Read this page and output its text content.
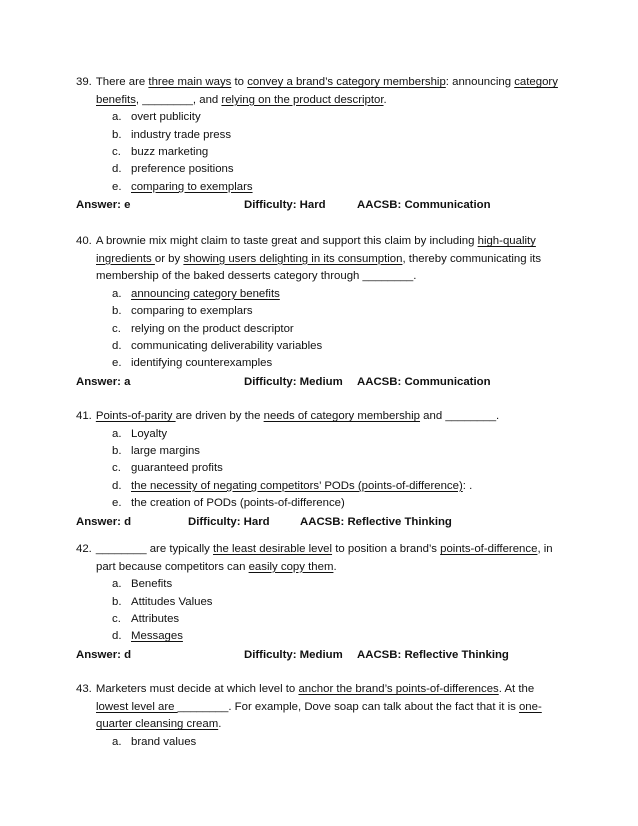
39. There are three main ways to convey a brand’s category membership: announcing category
benefits, ________, and relying on the product descriptor.
a. overt publicity
b. industry trade press
c. buzz marketing
d. preference positions
e. comparing to exemplars
Answer: e	Difficulty: Hard	AACSB: Communication
40. A brownie mix might claim to taste great and support this claim by including high-quality
ingredients or by showing users delighting in its consumption, thereby communicating its
membership of the baked desserts category through ________.
a. announcing category benefits
b. comparing to exemplars
c. relying on the product descriptor
d. communicating deliverability variables
e. identifying counterexamples
Answer: a	Difficulty: Medium AACSB: Communication
41. Points-of-parity are driven by the needs of category membership and ________.
a. Loyalty
b. large margins
c. guaranteed profits
d. the necessity of negating competitors’ PODs (points-of-difference): .
e. the creation of PODs (points-of-difference)
Answer: d	Difficulty: Hard	AACSB: Reflective Thinking
42. ________ are typically the least desirable level to position a brand’s points-of-difference, in
part because competitors can easily copy them.
a. Benefits
b. Attitudes Values
c. Attributes
d. Messages
Answer: d	Difficulty: Medium AACSB: Reflective Thinking
43. Marketers must decide at which level to anchor the brand’s points-of-differences. At the
lowest level are ________. For example, Dove soap can talk about the fact that it is one-
quarter cleansing cream.
a. brand values
